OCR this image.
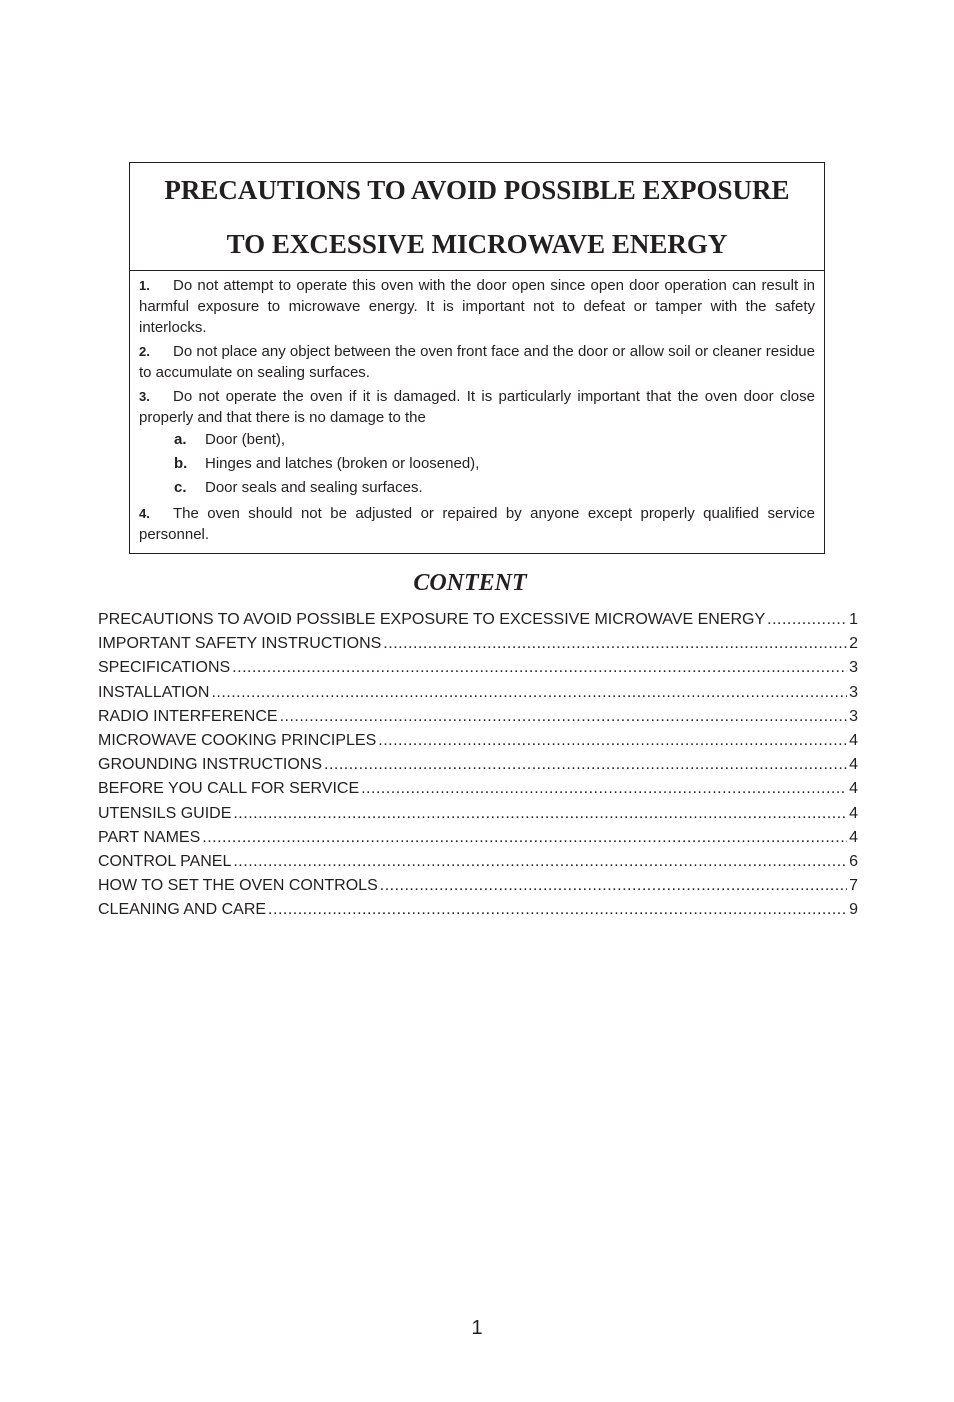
PRECAUTIONS TO AVOID POSSIBLE EXPOSURE
TO EXCESSIVE MICROWAVE ENERGY

1. Do not attempt to operate this oven with the door open since open door operation can result in harmful exposure to microwave energy. It is important not to defeat or tamper with the safety interlocks.

2. Do not place any object between the oven front face and the door or allow soil or cleaner residue to accumulate on sealing surfaces.

3. Do not operate the oven if it is damaged. It is particularly important that the oven door close properly and that there is no damage to the

a. Door (bent),
b. Hinges and latches (broken or loosened),
c. Door seals and sealing surfaces.

4. The oven should not be adjusted or repaired by anyone except properly qualified service personnel.

CONTENT
PRECAUTIONS TO AVOID POSSIBLE EXPOSURE TO EXCESSIVE MICROWAVE ENERGY .....	1
IMPORTANT SAFETY INSTRUCTIONS .....	2
SPECIFICATIONS .....	3
INSTALLATION .....	3
RADIO INTERFERENCE .....	3
MICROWAVE COOKING PRINCIPLES .....	4
GROUNDING INSTRUCTIONS .....	4
BEFORE YOU CALL FOR SERVICE .....	4
UTENSILS GUIDE .....	4
PART NAMES .....	4
CONTROL PANEL .....	6
HOW TO SET THE OVEN CONTROLS .....	7
CLEANING AND CARE .....	9
1
